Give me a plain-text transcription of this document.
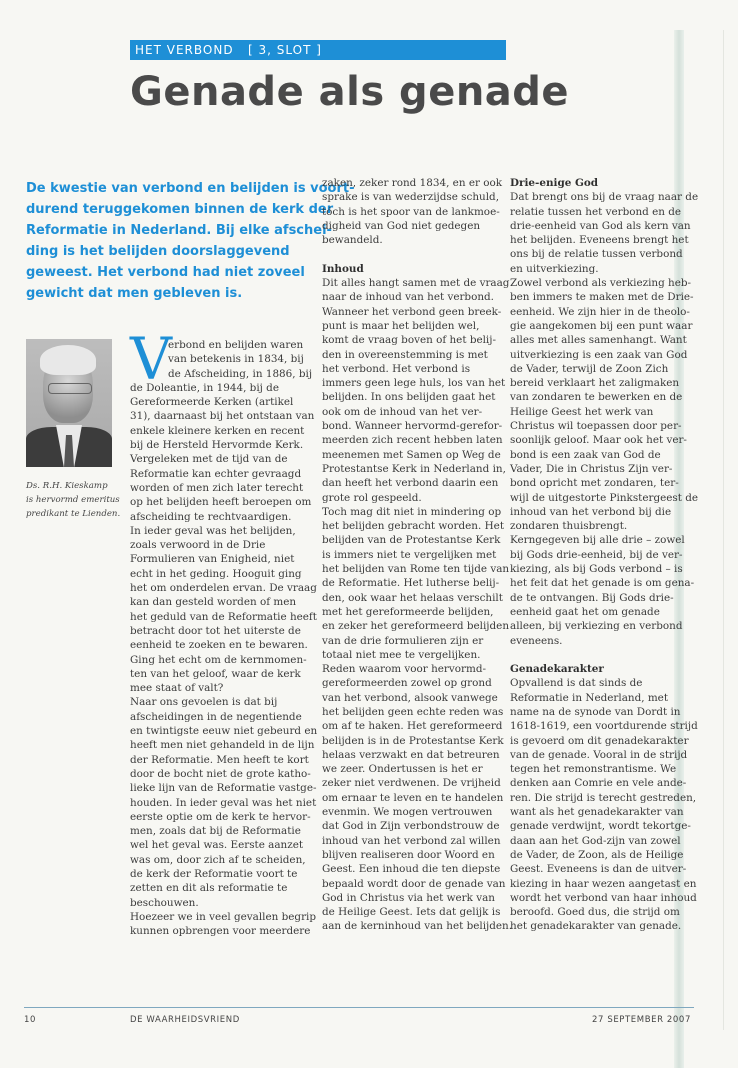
HET VERBOND   [ 3, SLOT ]
Genade als genade
De kwestie van verbond en belijden is voort-
durend teruggekomen binnen de kerk der
Reformatie in Nederland. Bij elke afschei-
ding is het belijden doorslaggevend
geweest. Het verbond had niet zoveel
gewicht dat men gebleven is.
Ds. R.H. Kieskamp
is hervormd emeritus
predikant te Lienden.
V
erbond en belijden waren
van betekenis in 1834, bij
de Afscheiding, in 1886, bij
de Doleantie, in 1944, bij de
Gereformeerde Kerken (artikel
31), daarnaast bij het ontstaan van
enkele kleinere kerken en recent
bij de Hersteld Hervormde Kerk.
Vergeleken met de tijd van de
Reformatie kan echter gevraagd
worden of men zich later terecht
op het belijden heeft beroepen om
afscheiding te rechtvaardigen.
In ieder geval was het belijden,
zoals verwoord in de Drie
Formulieren van Enigheid, niet
echt in het geding. Hooguit ging
het om onderdelen ervan. De vraag
kan dan gesteld worden of men
het geduld van de Reformatie heeft
betracht door tot het uiterste de
eenheid te zoeken en te bewaren.
Ging het echt om de kernmomen-
ten van het geloof, waar de kerk
mee staat of valt?
Naar ons gevoelen is dat bij
afscheidingen in de negentiende
en twintigste eeuw niet gebeurd en
heeft men niet gehandeld in de lijn
der Reformatie. Men heeft te kort
door de bocht niet de grote katho-
lieke lijn van de Reformatie vastge-
houden. In ieder geval was het niet
eerste optie om de kerk te hervor-
men, zoals dat bij de Reformatie
wel het geval was. Eerste aanzet
was om, door zich af te scheiden,
de kerk der Reformatie voort te
zetten en dit als reformatie te
beschouwen.
Hoezeer we in veel gevallen begrip
kunnen opbrengen voor meerdere
zaken, zeker rond 1834, en er ook
sprake is van wederzijdse schuld,
tóch is het spoor van de lankmoe-
digheid van God niet gedegen
bewandeld.
Inhoud
Dit alles hangt samen met de vraag
naar de inhoud van het verbond.
Wanneer het verbond geen breek-
punt is maar het belijden wel,
komt de vraag boven of het belij-
den in overeenstemming is met
het verbond. Het verbond is
immers geen lege huls, los van het
belijden. In ons belijden gaat het
ook om de inhoud van het ver-
bond. Wanneer hervormd-gerefor-
meerden zich recent hebben laten
meenemen met Samen op Weg de
Protestantse Kerk in Nederland in,
dan heeft het verbond daarin een
grote rol gespeeld.
Toch mag dit niet in mindering op
het belijden gebracht worden. Het
belijden van de Protestantse Kerk
is immers niet te vergelijken met
het belijden van Rome ten tijde van
de Reformatie. Het lutherse belij-
den, ook waar het helaas verschilt
met het gereformeerde belijden,
en zeker het gereformeerd belijden
van de drie formulieren zijn er
totaal niet mee te vergelijken.
Reden waarom voor hervormd-
gereformeerden zowel op grond
van het verbond, alsook vanwege
het belijden geen echte reden was
om af te haken. Het gereformeerd
belijden is in de Protestantse Kerk
helaas verzwakt en dat betreuren
we zeer. Ondertussen is het er
zeker niet verdwenen. De vrijheid
om ernaar te leven en te handelen
evenmin. We mogen vertrouwen
dat God in Zijn verbondstrouw de
inhoud van het verbond zal willen
blijven realiseren door Woord en
Geest. Een inhoud die ten diepste
bepaald wordt door de genade van
God in Christus via het werk van
de Heilige Geest. Iets dat gelijk is
aan de kerninhoud van het belijden.
Drie-enige God
Dat brengt ons bij de vraag naar de
relatie tussen het verbond en de
drie-eenheid van God als kern van
het belijden. Eveneens brengt het
ons bij de relatie tussen verbond
en uitverkiezing.
Zowel verbond als verkiezing heb-
ben immers te maken met de Drie-
eenheid. We zijn hier in de theolo-
gie aangekomen bij een punt waar
alles met alles samenhangt. Want
uitverkiezing is een zaak van God
de Vader, terwijl de Zoon Zich
bereid verklaart het zaligmaken
van zondaren te bewerken en de
Heilige Geest het werk van
Christus wil toepassen door per-
soonlijk geloof. Maar ook het ver-
bond is een zaak van God de
Vader, Die in Christus Zijn ver-
bond opricht met zondaren, ter-
wijl de uitgestorte Pinkstergeest de
inhoud van het verbond bij die
zondaren thuisbrengt.
Kerngegeven bij alle drie – zowel
bij Gods drie-eenheid, bij de ver-
kiezing, als bij Gods verbond – is
het feit dat het genade is om gena-
de te ontvangen. Bij Gods drie-
eenheid gaat het om genade
alleen, bij verkiezing en verbond
eveneens.
Genadekarakter
Opvallend is dat sinds de
Reformatie in Nederland, met
name na de synode van Dordt in
1618-1619, een voortdurende strijd
is gevoerd om dit genadekarakter
van de genade. Vooral in de strijd
tegen het remonstrantisme. We
denken aan Comrie en vele ande-
ren. Die strijd is terecht gestreden,
want als het genadekarakter van
genade verdwijnt, wordt tekortge-
daan aan het God-zijn van zowel
de Vader, de Zoon, als de Heilige
Geest. Eveneens is dan de uitver-
kiezing in haar wezen aangetast en
wordt het verbond van haar inhoud
beroofd. Goed dus, die strijd om
het genadekarakter van genade.
10	DE WAARHEIDSVRIEND	27 SEPTEMBER 2007
